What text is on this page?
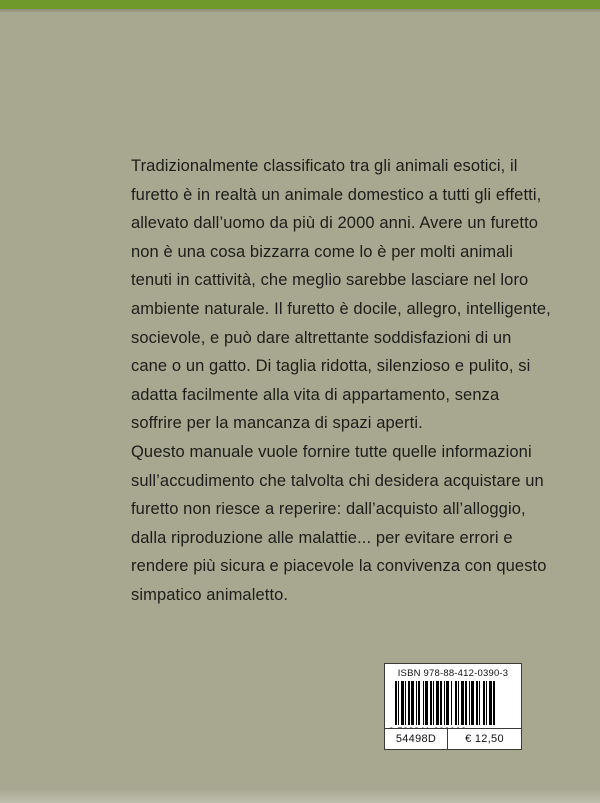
Tradizionalmente classificato tra gli animali esotici, il furetto è in realtà un animale domestico a tutti gli effetti, allevato dall’uomo da più di 2000 anni. Avere un furetto non è una cosa bizzarra come lo è per molti animali tenuti in cattività, che meglio sarebbe lasciare nel loro ambiente naturale. Il furetto è docile, allegro, intelligente, socievole, e può dare altrettante soddisfazioni di un cane o un gatto. Di taglia ridotta, silenzioso e pulito, si adatta facilmente alla vita di appartamento, senza soffrire per la mancanza di spazi aperti.

Questo manuale vuole fornire tutte quelle informazioni sull’accudimento che talvolta chi desidera acquistare un furetto non riesce a reperire: dall’acquisto all’alloggio, dalla riproduzione alle malattie... per evitare errori e rendere più sicura e piacevole la convivenza con questo simpatico animaletto.

ISBN 978-88-412-0390-3
54498D	€ 12,50
